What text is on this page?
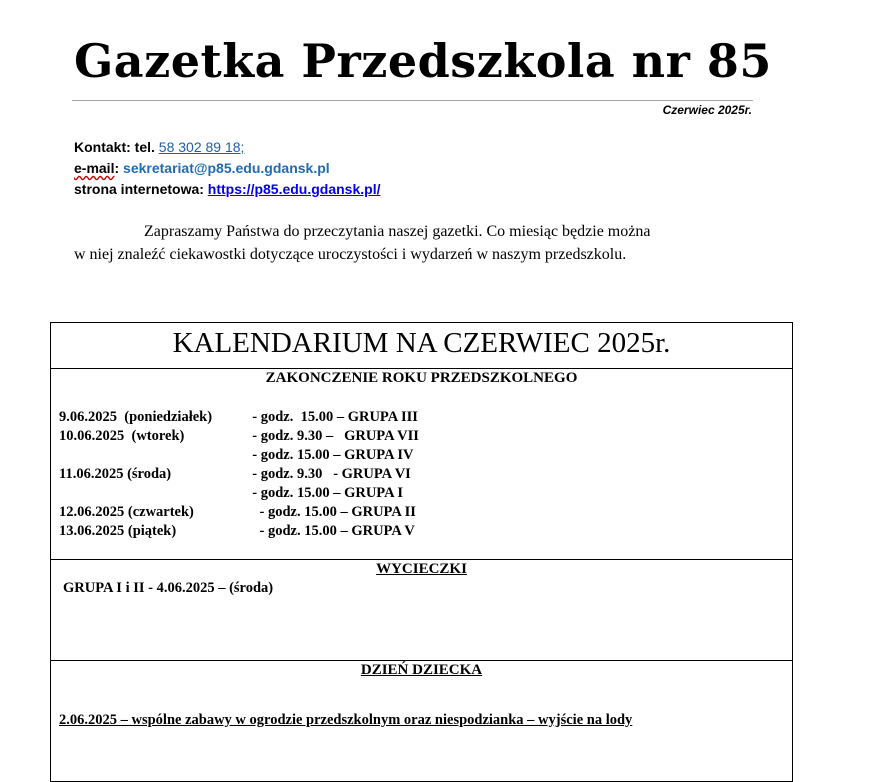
Gazetka Przedszkola nr 85
Czerwiec 2025r.
Kontakt: tel. 58 302 89 18;
e-mail: sekretariat@p85.edu.gdansk.pl
strona internetowa: https://p85.edu.gdansk.pl/
Zapraszamy Państwa do przeczytania naszej gazetki. Co miesiąc będzie można
w niej znaleźć ciekawostki dotyczące uroczystości i wydarzeń w naszym przedszkolu.
KALENDARIUM NA CZERWIEC 2025r.

ZAKONCZENIE ROKU PRZEDSZKOLNEGO
9.06.2025  (poniedziałek)	- godz.  15.00 – GRUPA III
10.06.2025  (wtorek)	- godz. 9.30 –   GRUPA VII
- godz. 15.00 – GRUPA IV
11.06.2025 (środa)	- godz. 9.30   - GRUPA VI
- godz. 15.00 – GRUPA I
12.06.2025 (czwartek)	- godz. 15.00 – GRUPA II
13.06.2025 (piątek)	- godz. 15.00 – GRUPA V

WYCIECZKI
GRUPA I i II - 4.06.2025 – (środa)

DZIEŃ DZIECKA
2.06.2025 – wspólne zabawy w ogrodzie przedszkolnym oraz niespodzianka – wyjście na lody
